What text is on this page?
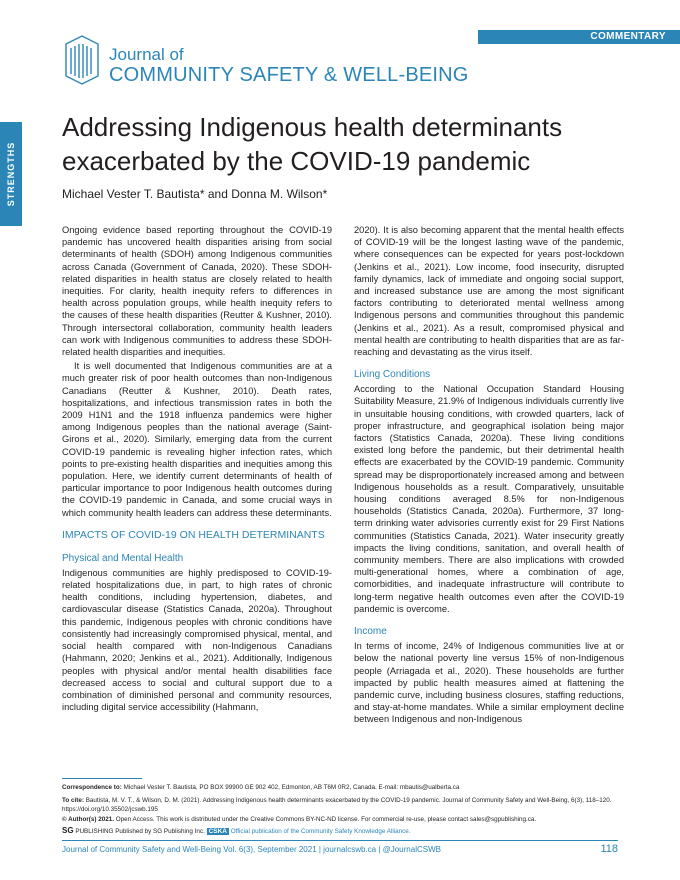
COMMENTARY
STRENGTHS
Journal of
COMMUNITY SAFETY & WELL-BEING
Addressing Indigenous health determinants exacerbated by the COVID-19 pandemic
Michael Vester T. Bautista* and Donna M. Wilson*

Ongoing evidence based reporting throughout the COVID-19 pandemic has uncovered health disparities arising from social determinants of health (SDOH) among Indigenous communities across Canada (Government of Canada, 2020). These SDOH-related disparities in health status are closely related to health inequities. For clarity, health inequity refers to differences in health across population groups, while health inequity refers to the causes of these health disparities (Reutter & Kushner, 2010). Through intersectoral collaboration, community health leaders can work with Indigenous communities to address these SDOH-related health disparities and inequities.

It is well documented that Indigenous communities are at a much greater risk of poor health outcomes than non-Indigenous Canadians (Reutter & Kushner, 2010). Death rates, hospitalizations, and infectious transmission rates in both the 2009 H1N1 and the 1918 influenza pandemics were higher among Indigenous peoples than the national average (Saint-Girons et al., 2020). Similarly, emerging data from the current COVID-19 pandemic is revealing higher infection rates, which points to pre-existing health disparities and inequities among this population. Here, we identify current determinants of health of particular importance to poor Indigenous health outcomes during the COVID-19 pandemic in Canada, and some crucial ways in which community health leaders can address these determinants.

IMPACTS OF COVID-19 ON HEALTH DETERMINANTS
Physical and Mental Health

Indigenous communities are highly predisposed to COVID-19-related hospitalizations due, in part, to high rates of chronic health conditions, including hypertension, diabetes, and cardiovascular disease (Statistics Canada, 2020a). Throughout this pandemic, Indigenous peoples with chronic conditions have consistently had increasingly compromised physical, mental, and social health compared with non-Indigenous Canadians (Hahmann, 2020; Jenkins et al., 2021). Additionally, Indigenous peoples with physical and/or mental health disabilities face decreased access to social and cultural support due to a combination of diminished personal and community resources, including digital service accessibility (Hahmann,

2020). It is also becoming apparent that the mental health effects of COVID-19 will be the longest lasting wave of the pandemic, where consequences can be expected for years post-lockdown (Jenkins et al., 2021). Low income, food insecurity, disrupted family dynamics, lack of immediate and ongoing social support, and increased substance use are among the most significant factors contributing to deteriorated mental wellness among Indigenous persons and communities throughout this pandemic (Jenkins et al., 2021). As a result, compromised physical and mental health are contributing to health disparities that are as far-reaching and devastating as the virus itself.

Living Conditions

According to the National Occupation Standard Housing Suitability Measure, 21.9% of Indigenous individuals currently live in unsuitable housing conditions, with crowded quarters, lack of proper infrastructure, and geographical isolation being major factors (Statistics Canada, 2020a). These living conditions existed long before the pandemic, but their detrimental health effects are exacerbated by the COVID-19 pandemic. Community spread may be disproportionately increased among and between Indigenous households as a result. Comparatively, unsuitable housing conditions averaged 8.5% for non-Indigenous households (Statistics Canada, 2020a). Furthermore, 37 long-term drinking water advisories currently exist for 29 First Nations communities (Statistics Canada, 2021). Water insecurity greatly impacts the living conditions, sanitation, and overall health of community members. There are also implications with crowded multi-generational homes, where a combination of age, comorbidities, and inadequate infrastructure will contribute to long-term negative health outcomes even after the COVID-19 pandemic is overcome.

Income

In terms of income, 24% of Indigenous communities live at or below the national poverty line versus 15% of non-Indigenous people (Arriagada et al., 2020). These households are further impacted by public health measures aimed at flattening the pandemic curve, including business closures, staffing reductions, and stay-at-home mandates. While a similar employment decline between Indigenous and non-Indigenous

Correspondence to: Michael Vester T. Bautista, PO BOX 99900 GE 902 402, Edmonton, AB T6M 0R2, Canada. E-mail: mbautis@ualberta.ca
To cite: Bautista, M. V. T., & Wilson, D. M. (2021). Addressing Indigenous health determinants exacerbated by the COVID-19 pandemic. Journal of Community Safety and Well-Being, 6(3), 118–120. https://doi.org/10.35502/jcswb.195
© Author(s) 2021. Open Access. This work is distributed under the Creative Commons BY-NC-ND license. For commercial re-use, please contact sales@sgpublishing.ca.
SG PUBLISHING Published by SG Publishing Inc. CSKA Official publication of the Community Safety Knowledge Alliance.
Journal of Community Safety and Well-Being Vol. 6(3), September 2021 | journalcswb.ca | @JournalCSWB	118
